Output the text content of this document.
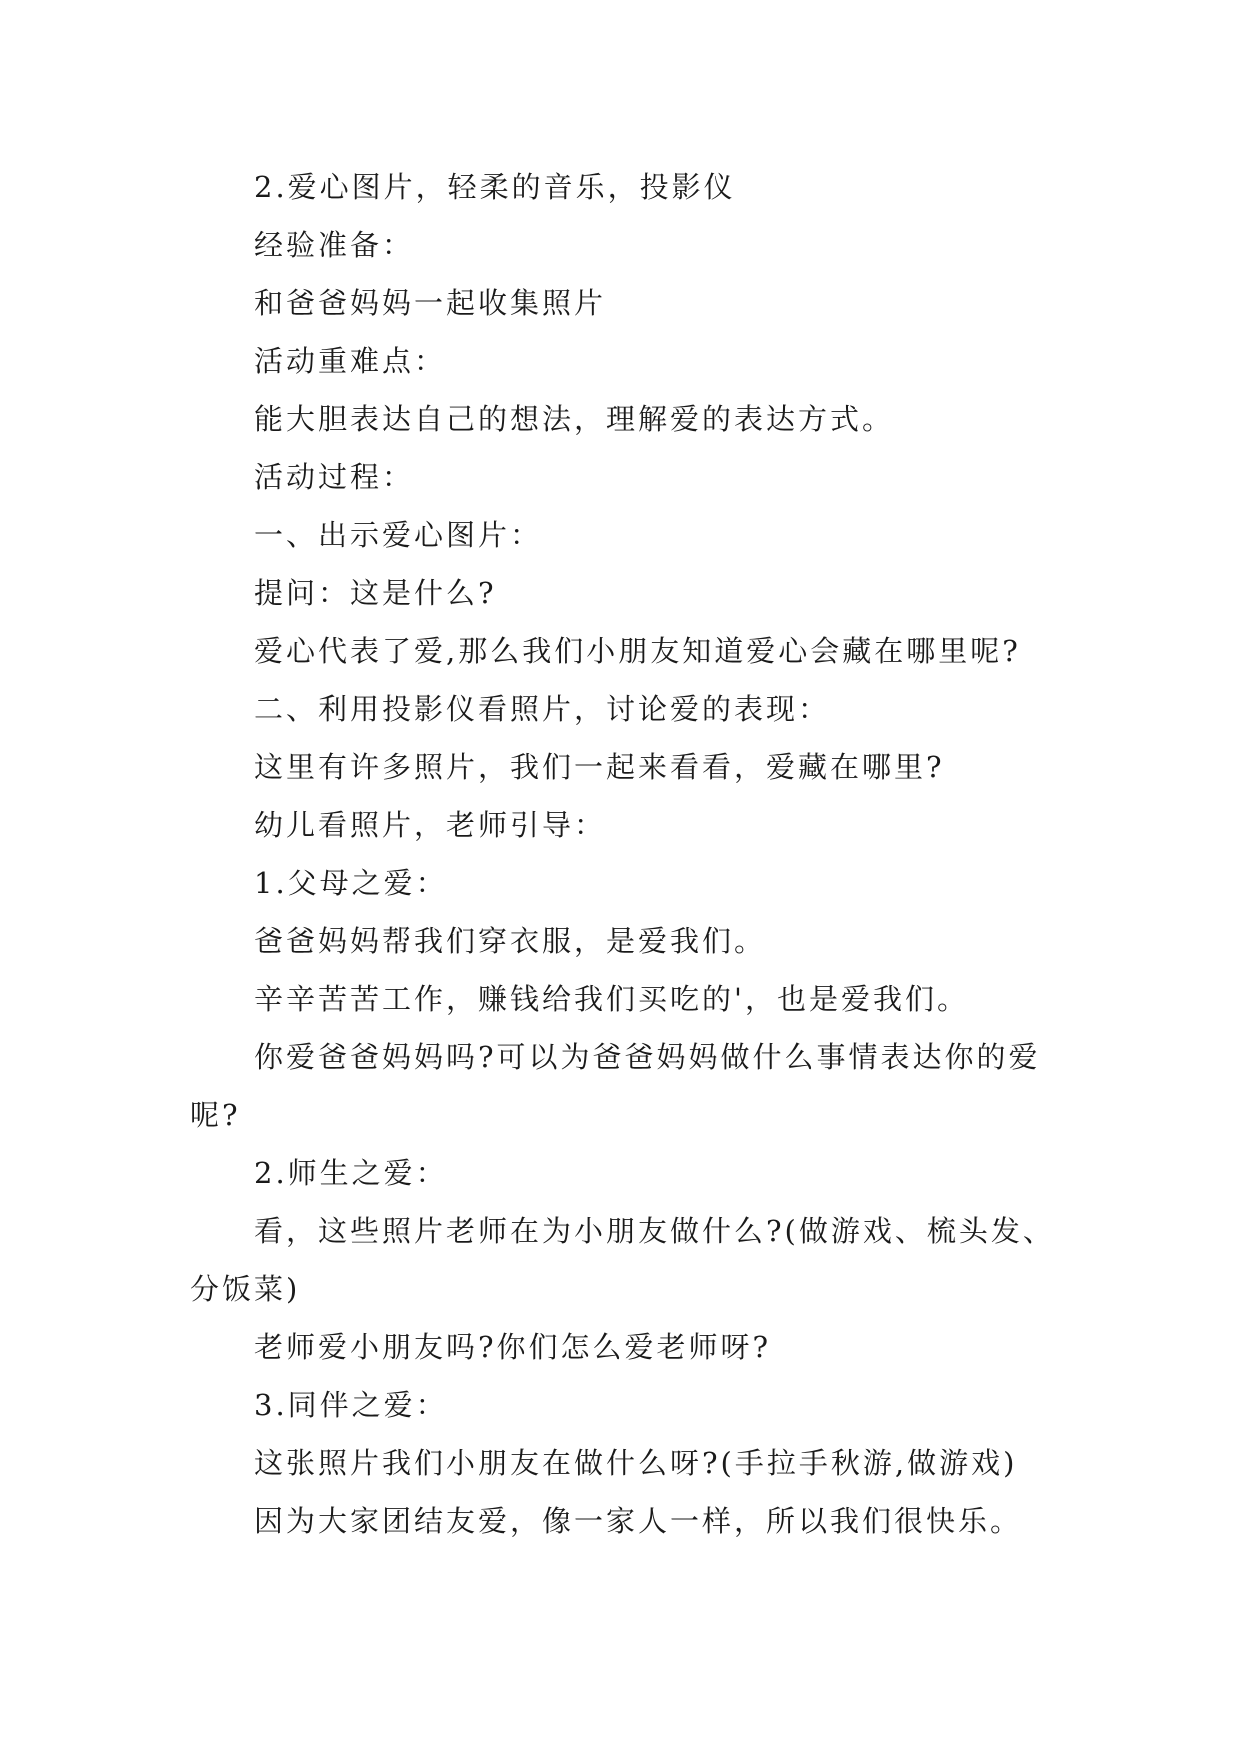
2.爱心图片，轻柔的音乐，投影仪

经验准备：

和爸爸妈妈一起收集照片

活动重难点：

能大胆表达自己的想法，理解爱的表达方式。

活动过程：

一、出示爱心图片：

提问：这是什么?

爱心代表了爱,那么我们小朋友知道爱心会藏在哪里呢?

二、利用投影仪看照片，讨论爱的表现：

这里有许多照片，我们一起来看看，爱藏在哪里?

幼儿看照片，老师引导：

1.父母之爱：

爸爸妈妈帮我们穿衣服，是爱我们。

辛辛苦苦工作，赚钱给我们买吃的'，也是爱我们。

你爱爸爸妈妈吗?可以为爸爸妈妈做什么事情表达你的爱呢?

2.师生之爱：

看，这些照片老师在为小朋友做什么?(做游戏、梳头发、分饭菜)

老师爱小朋友吗?你们怎么爱老师呀?

3.同伴之爱：

这张照片我们小朋友在做什么呀?(手拉手秋游,做游戏)

因为大家团结友爱，像一家人一样，所以我们很快乐。
